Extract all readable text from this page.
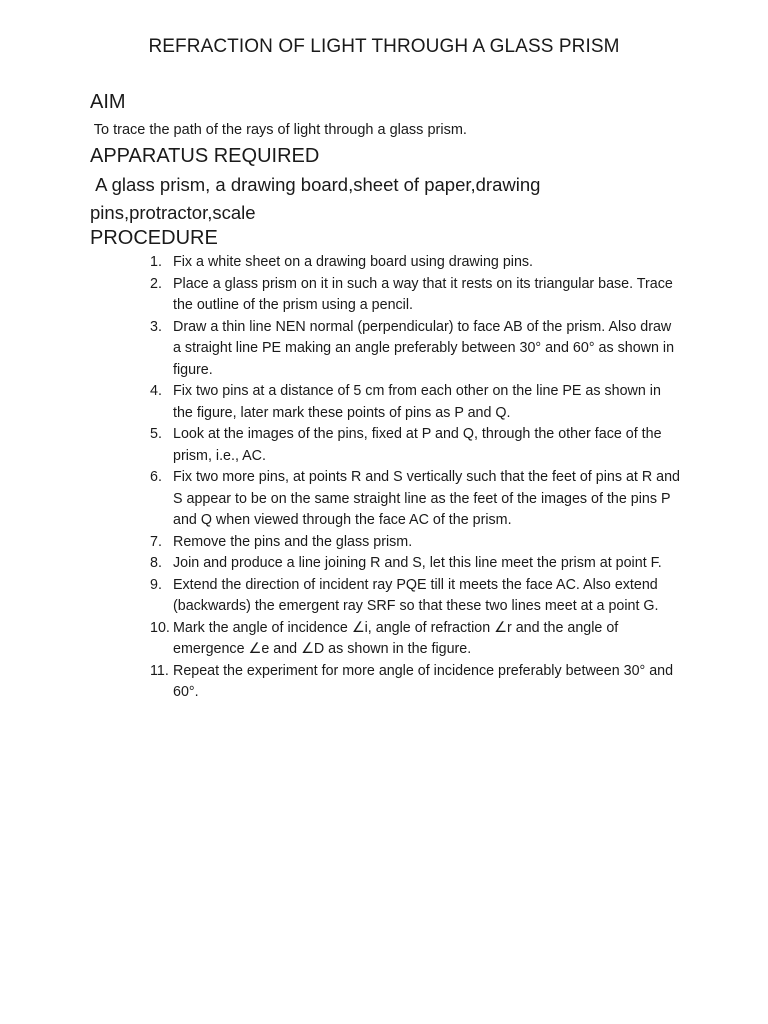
REFRACTION OF LIGHT THROUGH A GLASS PRISM
AIM
To trace the path of the rays of light through a glass prism.
APPARATUS REQUIRED
A glass prism, a drawing board,sheet of paper,drawing pins,protractor,scale
PROCEDURE
1. Fix a white sheet on a drawing board using drawing pins.
2. Place a glass prism on it in such a way that it rests on its triangular base. Trace the outline of the prism using a pencil.
3. Draw a thin line NEN normal (perpendicular) to face AB of the prism. Also draw a straight line PE making an angle preferably between 30° and 60° as shown in figure.
4. Fix two pins at a distance of 5 cm from each other on the line PE as shown in the figure, later mark these points of pins as P and Q.
5. Look at the images of the pins, fixed at P and Q, through the other face of the prism, i.e., AC.
6. Fix two more pins, at points R and S vertically such that the feet of pins at R and S appear to be on the same straight line as the feet of the images of the pins P and Q when viewed through the face AC of the prism.
7. Remove the pins and the glass prism.
8. Join and produce a line joining R and S, let this line meet the prism at point F.
9. Extend the direction of incident ray PQE till it meets the face AC. Also extend (backwards) the emergent ray SRF so that these two lines meet at a point G.
10. Mark the angle of incidence ∠i, angle of refraction ∠r and the angle of emergence ∠e and ∠D as shown in the figure.
11. Repeat the experiment for more angle of incidence preferably between 30° and 60°.
